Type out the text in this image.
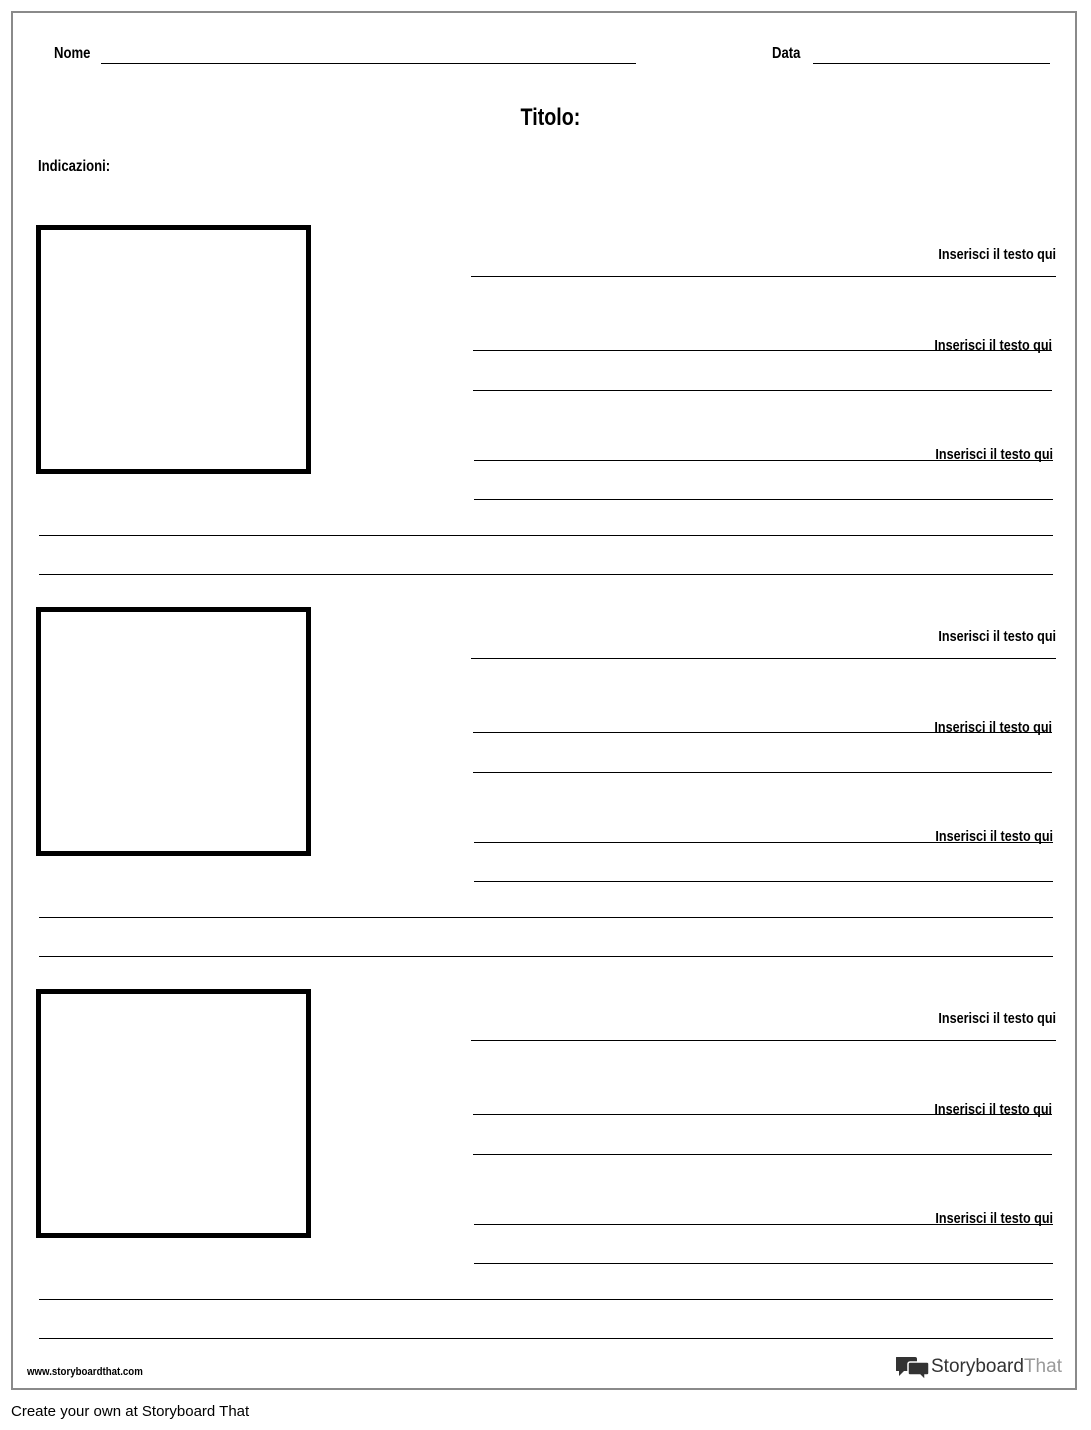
Nome	Data
Titolo:
Indicazioni:
Inserisci il testo qui
Inserisci il testo qui
Inserisci il testo qui
Inserisci il testo qui
Inserisci il testo qui
Inserisci il testo qui
Inserisci il testo qui
Inserisci il testo qui
Inserisci il testo qui
www.storyboardthat.com	StoryboardThat
Create your own at Storyboard That
